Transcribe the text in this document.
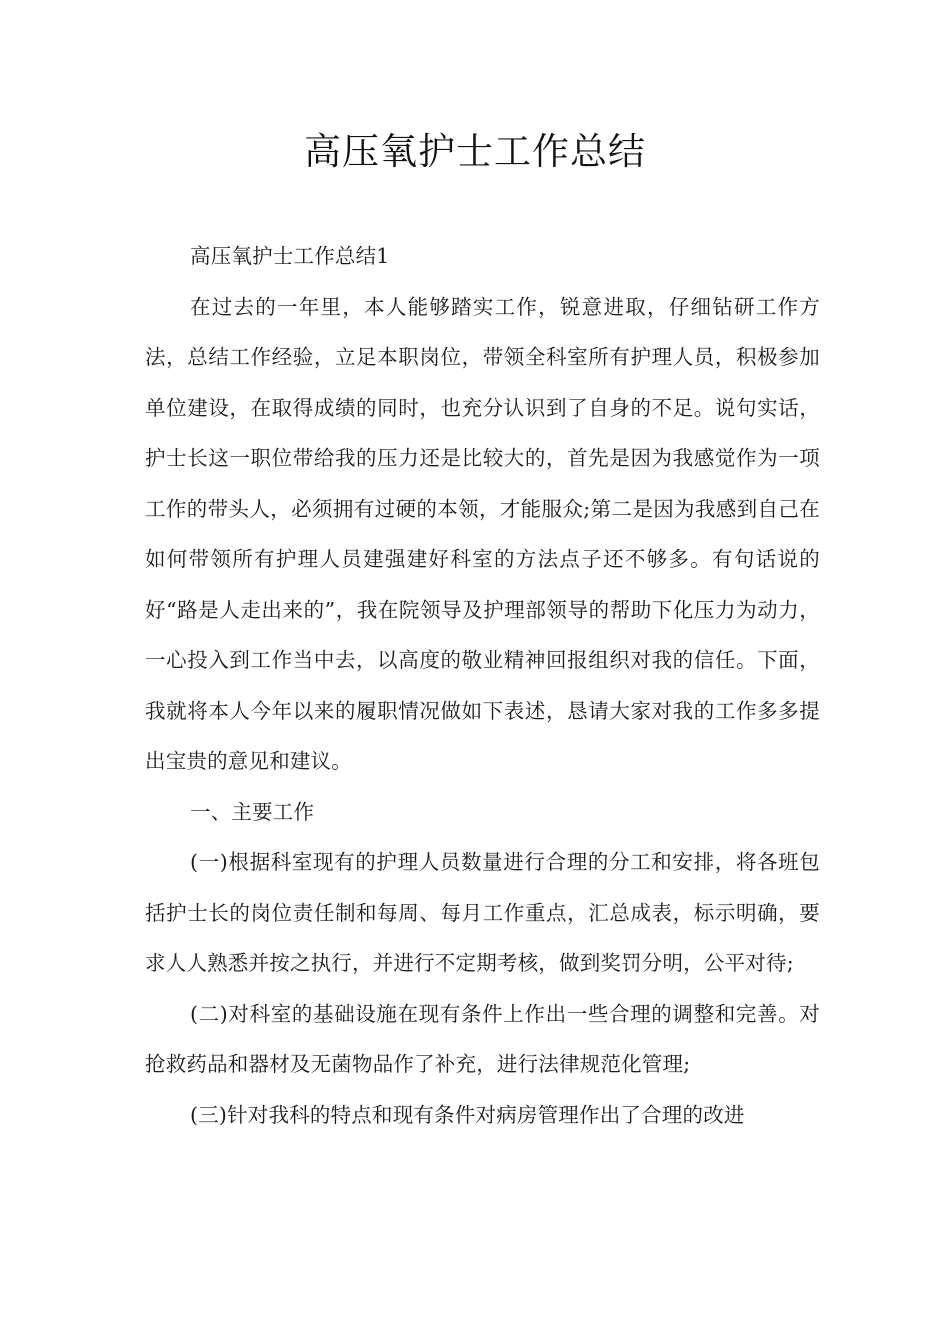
高压氧护士工作总结

高压氧护士工作总结1

在过去的一年里，本人能够踏实工作，锐意进取，仔细钻研工作方法，总结工作经验，立足本职岗位，带领全科室所有护理人员，积极参加单位建设，在取得成绩的同时，也充分认识到了自身的不足。说句实话，护士长这一职位带给我的压力还是比较大的，首先是因为我感觉作为一项工作的带头人，必须拥有过硬的本领，才能服众;第二是因为我感到自己在如何带领所有护理人员建强建好科室的方法点子还不够多。有句话说的好“路是人走出来的”，我在院领导及护理部领导的帮助下化压力为动力，一心投入到工作当中去，以高度的敬业精神回报组织对我的信任。下面，我就将本人今年以来的履职情况做如下表述，恳请大家对我的工作多多提出宝贵的意见和建议。

一、主要工作

(一)根据科室现有的护理人员数量进行合理的分工和安排，将各班包括护士长的岗位责任制和每周、每月工作重点，汇总成表，标示明确，要求人人熟悉并按之执行，并进行不定期考核，做到奖罚分明，公平对待;

(二)对科室的基础设施在现有条件上作出一些合理的调整和完善。对抢救药品和器材及无菌物品作了补充，进行法律规范化管理;

(三)针对我科的特点和现有条件对病房管理作出了合理的改进
